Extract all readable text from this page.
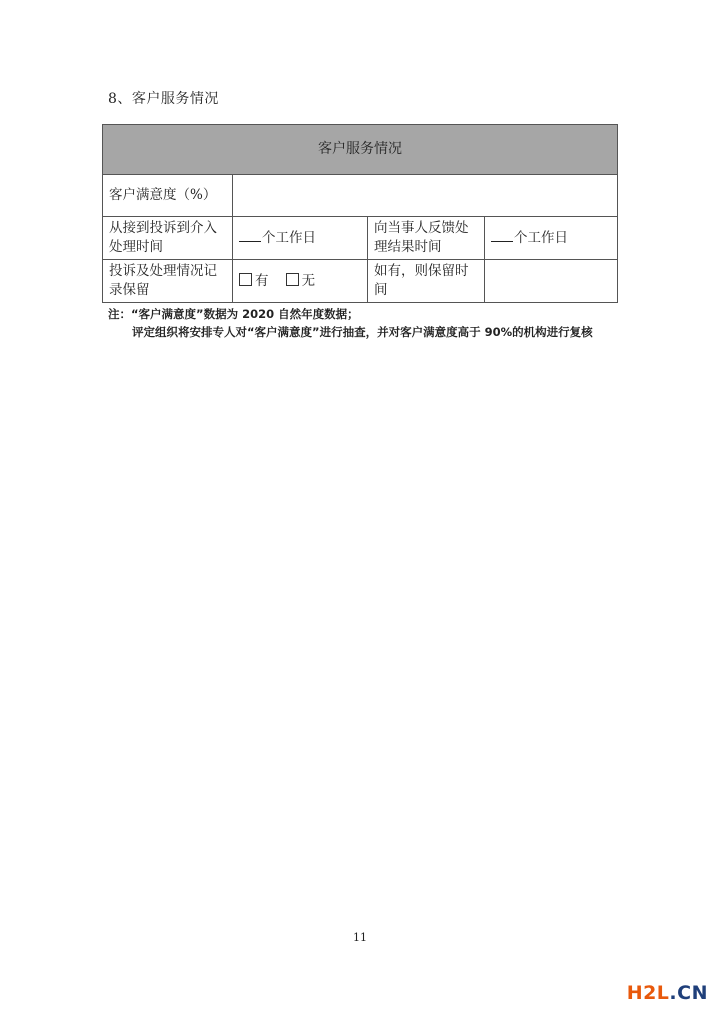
8、客户服务情况
客户服务情况			
客户满意度（%）			
从接到投诉到介入处理时间	个工作日	向当事人反馈处理结果时间	个工作日
投诉及处理情况记录保留	有 无	如有，则保留时间	
注：“客户满意度”数据为 2020 自然年度数据；
评定组织将安排专人对“客户满意度”进行抽查，并对客户满意度高于 90%的机构进行复核
11
H2L.CN
